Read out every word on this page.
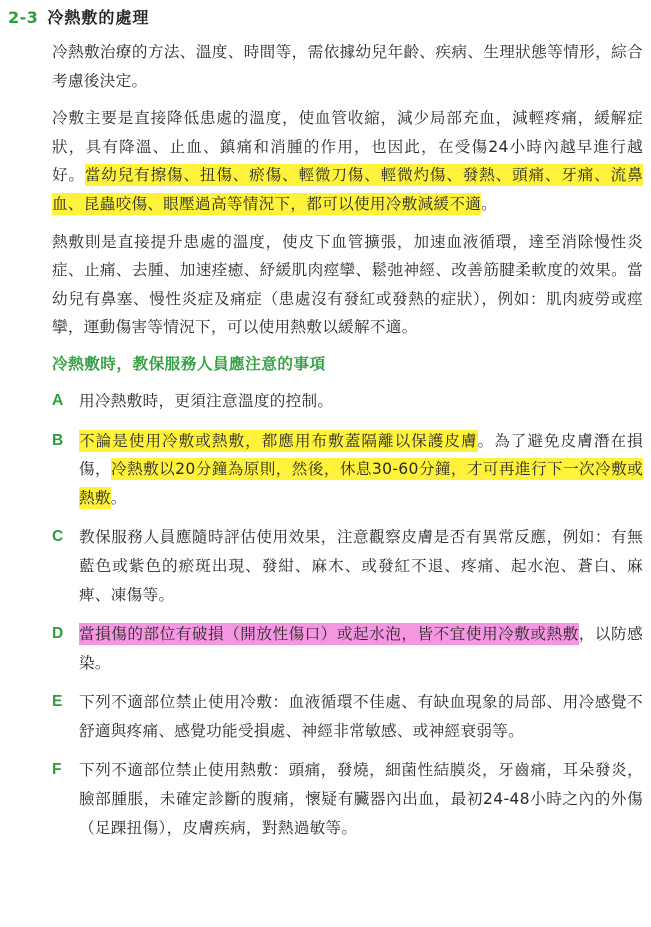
2-3 冷熱敷的處理

冷熱敷治療的方法、溫度、時間等，需依據幼兒年齡、疾病、生理狀態等情形，綜合考慮後決定。

冷敷主要是直接降低患處的溫度，使血管收縮，減少局部充血，減輕疼痛，緩解症狀，具有降溫、止血、鎮痛和消腫的作用，也因此，在受傷24小時內越早進行越好。當幼兒有擦傷、扭傷、瘀傷、輕微刀傷、輕微灼傷、發熱、頭痛、牙痛、流鼻血、昆蟲咬傷、眼壓過高等情況下，都可以使用冷敷減緩不適。

熱敷則是直接提升患處的溫度，使皮下血管擴張，加速血液循環，達至消除慢性炎症、止痛、去腫、加速痊癒、紓緩肌肉痙攣、鬆弛神經、改善筋腱柔軟度的效果。當幼兒有鼻塞、慢性炎症及痛症（患處沒有發紅或發熱的症狀），例如：肌肉疲勞或痙攣，運動傷害等情況下，可以使用熱敷以緩解不適。

冷熱敷時，教保服務人員應注意的事項
A 用冷熱敷時，更須注意溫度的控制。
B 不論是使用冷敷或熱敷，都應用布敷蓋隔離以保護皮膚。為了避免皮膚潛在損傷，冷熱敷以20分鐘為原則，然後，休息30-60分鐘，才可再進行下一次冷敷或熱敷。
C 教保服務人員應隨時評估使用效果，注意觀察皮膚是否有異常反應，例如：有無藍色或紫色的瘀斑出現、發紺、麻木、或發紅不退、疼痛、起水泡、蒼白、麻痺、凍傷等。
D 當損傷的部位有破損（開放性傷口）或起水泡，皆不宜使用冷敷或熱敷，以防感染。
E	下列不適部位禁止使用冷敷：血液循環不佳處、有缺血現象的局部、用冷感覺不舒適與疼痛、感覺功能受損處、神經非常敏感、或神經衰弱等。
F	下列不適部位禁止使用熱敷：頭痛，發燒，細菌性結膜炎，牙齒痛，耳朵發炎，臉部腫脹，未確定診斷的腹痛，懷疑有臟器內出血，最初24-48小時之內的外傷（足踝扭傷），皮膚疾病，對熱過敏等。
